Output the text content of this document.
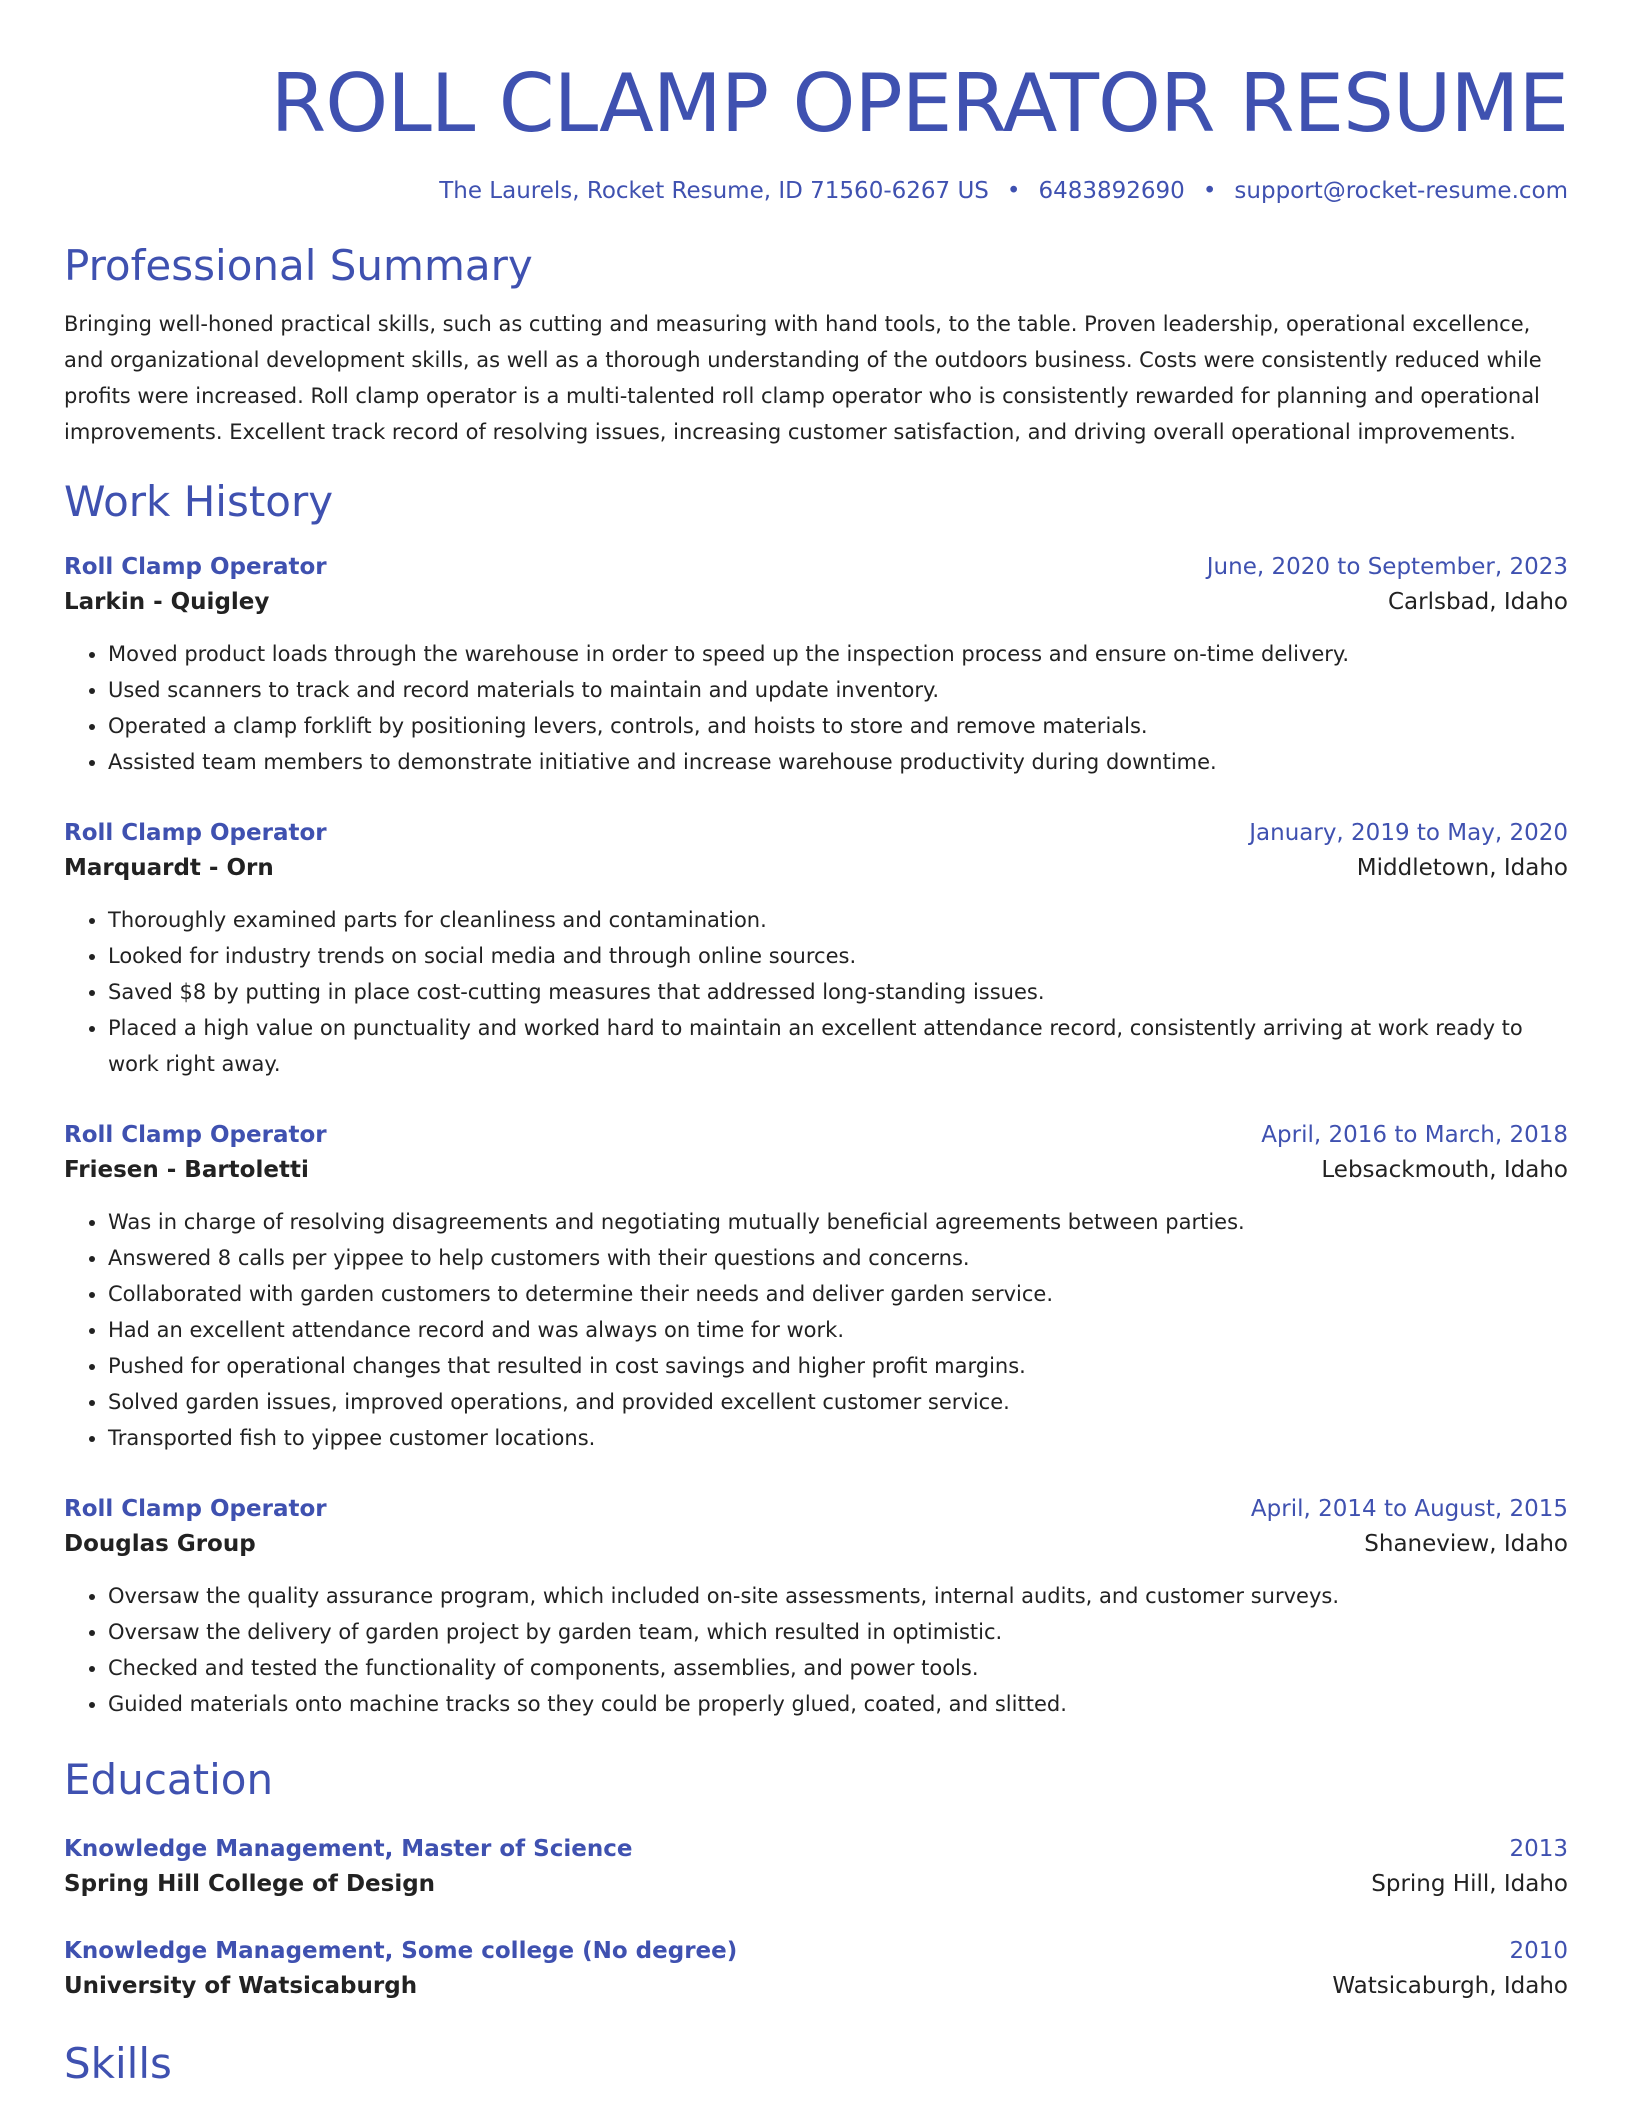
ROLL CLAMP OPERATOR RESUME
The Laurels, Rocket Resume, ID 71560-6267 US • 6483892690 • support@rocket-resume.com
Professional Summary
Bringing well-honed practical skills, such as cutting and measuring with hand tools, to the table. Proven leadership, operational excellence, and organizational development skills, as well as a thorough understanding of the outdoors business. Costs were consistently reduced while profits were increased. Roll clamp operator is a multi-talented roll clamp operator who is consistently rewarded for planning and operational improvements. Excellent track record of resolving issues, increasing customer satisfaction, and driving overall operational improvements.
Work History
Roll Clamp Operator	June, 2020 to September, 2023
Larkin - Quigley	Carlsbad, Idaho
• Moved product loads through the warehouse in order to speed up the inspection process and ensure on-time delivery.
• Used scanners to track and record materials to maintain and update inventory.
• Operated a clamp forklift by positioning levers, controls, and hoists to store and remove materials.
• Assisted team members to demonstrate initiative and increase warehouse productivity during downtime.
Roll Clamp Operator	January, 2019 to May, 2020
Marquardt - Orn	Middletown, Idaho
• Thoroughly examined parts for cleanliness and contamination.
• Looked for industry trends on social media and through online sources.
• Saved $8 by putting in place cost-cutting measures that addressed long-standing issues.
• Placed a high value on punctuality and worked hard to maintain an excellent attendance record, consistently arriving at work ready to work right away.
Roll Clamp Operator	April, 2016 to March, 2018
Friesen - Bartoletti	Lebsackmouth, Idaho
• Was in charge of resolving disagreements and negotiating mutually beneficial agreements between parties.
• Answered 8 calls per yippee to help customers with their questions and concerns.
• Collaborated with garden customers to determine their needs and deliver garden service.
• Had an excellent attendance record and was always on time for work.
• Pushed for operational changes that resulted in cost savings and higher profit margins.
• Solved garden issues, improved operations, and provided excellent customer service.
• Transported fish to yippee customer locations.
Roll Clamp Operator	April, 2014 to August, 2015
Douglas Group	Shaneview, Idaho
• Oversaw the quality assurance program, which included on-site assessments, internal audits, and customer surveys.
• Oversaw the delivery of garden project by garden team, which resulted in optimistic.
• Checked and tested the functionality of components, assemblies, and power tools.
• Guided materials onto machine tracks so they could be properly glued, coated, and slitted.
Education
Knowledge Management, Master of Science	2013
Spring Hill College of Design	Spring Hill, Idaho
Knowledge Management, Some college (No degree)	2010
University of Watsicaburgh	Watsicaburgh, Idaho
Skills
